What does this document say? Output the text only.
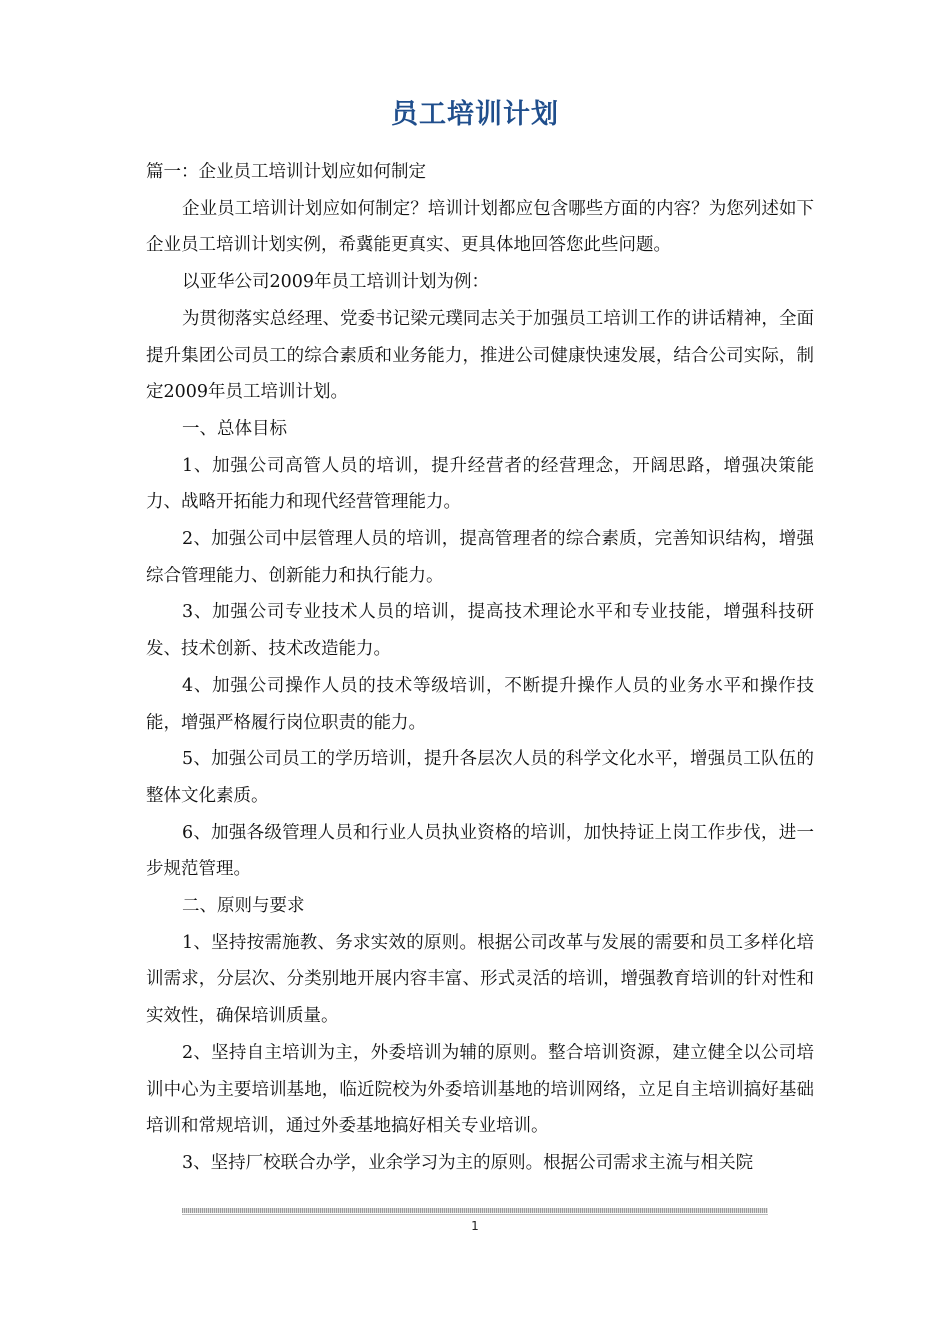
员工培训计划

篇一：企业员工培训计划应如何制定

企业员工培训计划应如何制定？培训计划都应包含哪些方面的内容？为您列述如下企业员工培训计划实例，希冀能更真实、更具体地回答您此些问题。

以亚华公司2009年员工培训计划为例：

为贯彻落实总经理、党委书记梁元璞同志关于加强员工培训工作的讲话精神，全面提升集团公司员工的综合素质和业务能力，推进公司健康快速发展，结合公司实际，制定2009年员工培训计划。

一、总体目标

1、加强公司高管人员的培训，提升经营者的经营理念，开阔思路，增强决策能力、战略开拓能力和现代经营管理能力。

2、加强公司中层管理人员的培训，提高管理者的综合素质，完善知识结构，增强综合管理能力、创新能力和执行能力。

3、加强公司专业技术人员的培训，提高技术理论水平和专业技能，增强科技研发、技术创新、技术改造能力。

4、加强公司操作人员的技术等级培训，不断提升操作人员的业务水平和操作技能，增强严格履行岗位职责的能力。

5、加强公司员工的学历培训，提升各层次人员的科学文化水平，增强员工队伍的整体文化素质。

6、加强各级管理人员和行业人员执业资格的培训，加快持证上岗工作步伐，进一步规范管理。

二、原则与要求

1、坚持按需施教、务求实效的原则。根据公司改革与发展的需要和员工多样化培训需求，分层次、分类别地开展内容丰富、形式灵活的培训，增强教育培训的针对性和实效性，确保培训质量。

2、坚持自主培训为主，外委培训为辅的原则。整合培训资源，建立健全以公司培训中心为主要培训基地，临近院校为外委培训基地的培训网络，立足自主培训搞好基础培训和常规培训，通过外委基地搞好相关专业培训。

3、坚持厂校联合办学，业余学习为主的原则。根据公司需求主流与相关院

1
